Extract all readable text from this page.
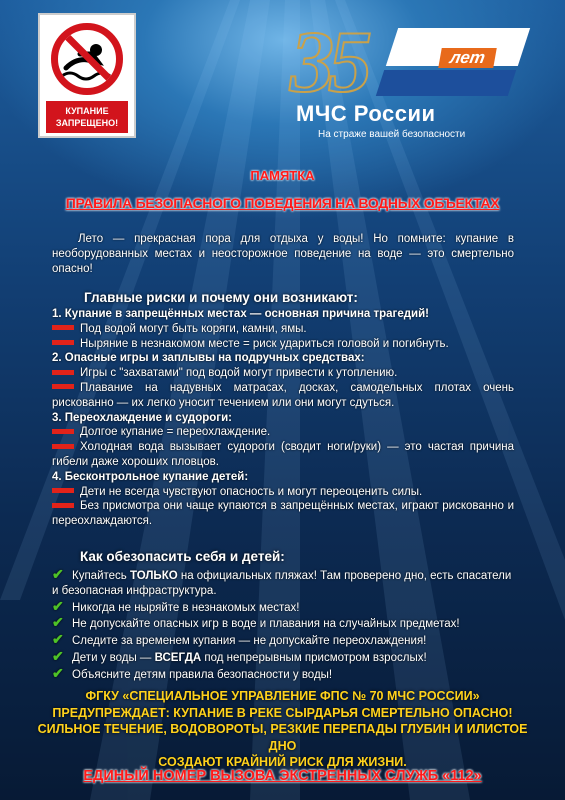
КУПАНИЕ
ЗАПРЕЩЕНО!
35	лет
МЧС России
На страже вашей безопасности
ПАМЯТКА
ПРАВИЛА БЕЗОПАСНОГО ПОВЕДЕНИЯ НА ВОДНЫХ ОБЪЕКТАХ
Лето — прекрасная пора для отдыха у воды! Но помните: купание в необорудованных местах и неосторожное поведение на воде — это смертельно опасно!
Главные риски и почему они возникают:
1. Купание в запрещённых местах — основная причина трагедий!
Под водой могут быть коряги, камни, ямы.
Ныряние в незнакомом месте = риск удариться головой и погибнуть.
2. Опасные игры и заплывы на подручных средствах:
Игры с "захватами" под водой могут привести к утоплению.
Плавание на надувных матрасах, досках, самодельных плотах очень рискованно — их легко уносит течением или они могут сдуться.
3. Переохлаждение и судороги:
Долгое купание = переохлаждение.
Холодная вода вызывает судороги (сводит ноги/руки) — это частая причина гибели даже хороших пловцов.
4. Бесконтрольное купание детей:
Дети не всегда чувствуют опасность и могут переоценить силы.
Без присмотра они чаще купаются в запрещённых местах, играют рискованно и переохлаждаются.
Как обезопасить себя и детей:
✔ Купайтесь ТОЛЬКО на официальных пляжах! Там проверено дно, есть спасатели и безопасная инфраструктура.
✔ Никогда не ныряйте в незнакомых местах!
✔ Не допускайте опасных игр в воде и плавания на случайных предметах!
✔ Следите за временем купания — не допускайте переохлаждения!
✔ Дети у воды — ВСЕГДА под непрерывным присмотром взрослых!
✔ Объясните детям правила безопасности у воды!
ФГКУ «СПЕЦИАЛЬНОЕ УПРАВЛЕНИЕ ФПС № 70 МЧС РОССИИ»
ПРЕДУПРЕЖДАЕТ: КУПАНИЕ В РЕКЕ СЫРДАРЬЯ СМЕРТЕЛЬНО ОПАСНО!
СИЛЬНОЕ ТЕЧЕНИЕ, ВОДОВОРОТЫ, РЕЗКИЕ ПЕРЕПАДЫ ГЛУБИН И ИЛИСТОЕ ДНО
СОЗДАЮТ КРАЙНИЙ РИСК ДЛЯ ЖИЗНИ.
ЕДИНЫЙ НОМЕР ВЫЗОВА ЭКСТРЕННЫХ СЛУЖБ «112»
